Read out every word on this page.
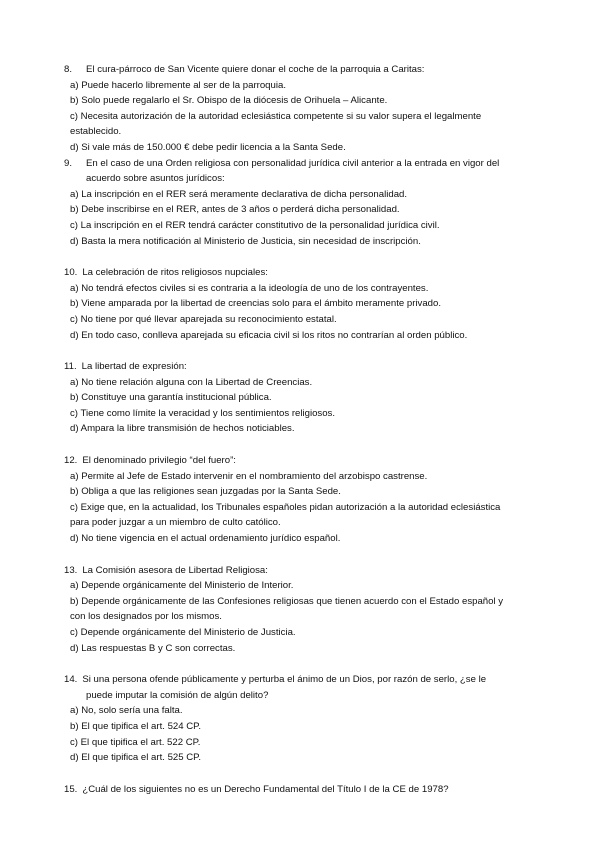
8. El cura-párroco de San Vicente quiere donar el coche de la parroquia a Caritas:
a) Puede hacerlo libremente al ser de la parroquia.
b) Solo puede regalarlo el Sr. Obispo de la diócesis de Orihuela – Alicante.
c) Necesita autorización de la autoridad eclesiástica competente si su valor supera el legalmente
establecido.
d) Si vale más de 150.000 € debe pedir licencia a la Santa Sede.
9. En el caso de una Orden religiosa con personalidad jurídica civil anterior a la entrada en vigor del
acuerdo sobre asuntos jurídicos:
a) La inscripción en el RER será meramente declarativa de dicha personalidad.
b) Debe inscribirse en el RER, antes de 3 años o perderá dicha personalidad.
c) La inscripción en el RER tendrá carácter constitutivo de la personalidad jurídica civil.
d) Basta la mera notificación al Ministerio de Justicia, sin necesidad de inscripción.
10. La celebración de ritos religiosos nupciales:
a) No tendrá efectos civiles si es contraria a la ideología de uno de los contrayentes.
b) Viene amparada por la libertad de creencias solo para el ámbito meramente privado.
c) No tiene por qué llevar aparejada su reconocimiento estatal.
d) En todo caso, conlleva aparejada su eficacia civil si los ritos no contrarían al orden público.
11. La libertad de expresión:
a) No tiene relación alguna con la Libertad de Creencias.
b) Constituye una garantía institucional pública.
c) Tiene como límite la veracidad y los sentimientos religiosos.
d) Ampara la libre transmisión de hechos noticiables.
12. El denominado privilegio “del fuero”:
a) Permite al Jefe de Estado intervenir en el nombramiento del arzobispo castrense.
b) Obliga a que las religiones sean juzgadas por la Santa Sede.
c) Exige que, en la actualidad, los Tribunales españoles pidan autorización a la autoridad eclesiástica
para poder juzgar a un miembro de culto católico.
d) No tiene vigencia en el actual ordenamiento jurídico español.
13. La Comisión asesora de Libertad Religiosa:
a) Depende orgánicamente del Ministerio de Interior.
b) Depende orgánicamente de las Confesiones religiosas que tienen acuerdo con el Estado español y
con los designados por los mismos.
c) Depende orgánicamente del Ministerio de Justicia.
d) Las respuestas B y C son correctas.
14. Si una persona ofende públicamente y perturba el ánimo de un Dios, por razón de serlo, ¿se le
puede imputar la comisión de algún delito?
a) No, solo sería una falta.
b) El que tipifica el art. 524 CP.
c) El que tipifica el art. 522 CP.
d) El que tipifica el art. 525 CP.
15. ¿Cuál de los siguientes no es un Derecho Fundamental del Título I de la CE de 1978?
